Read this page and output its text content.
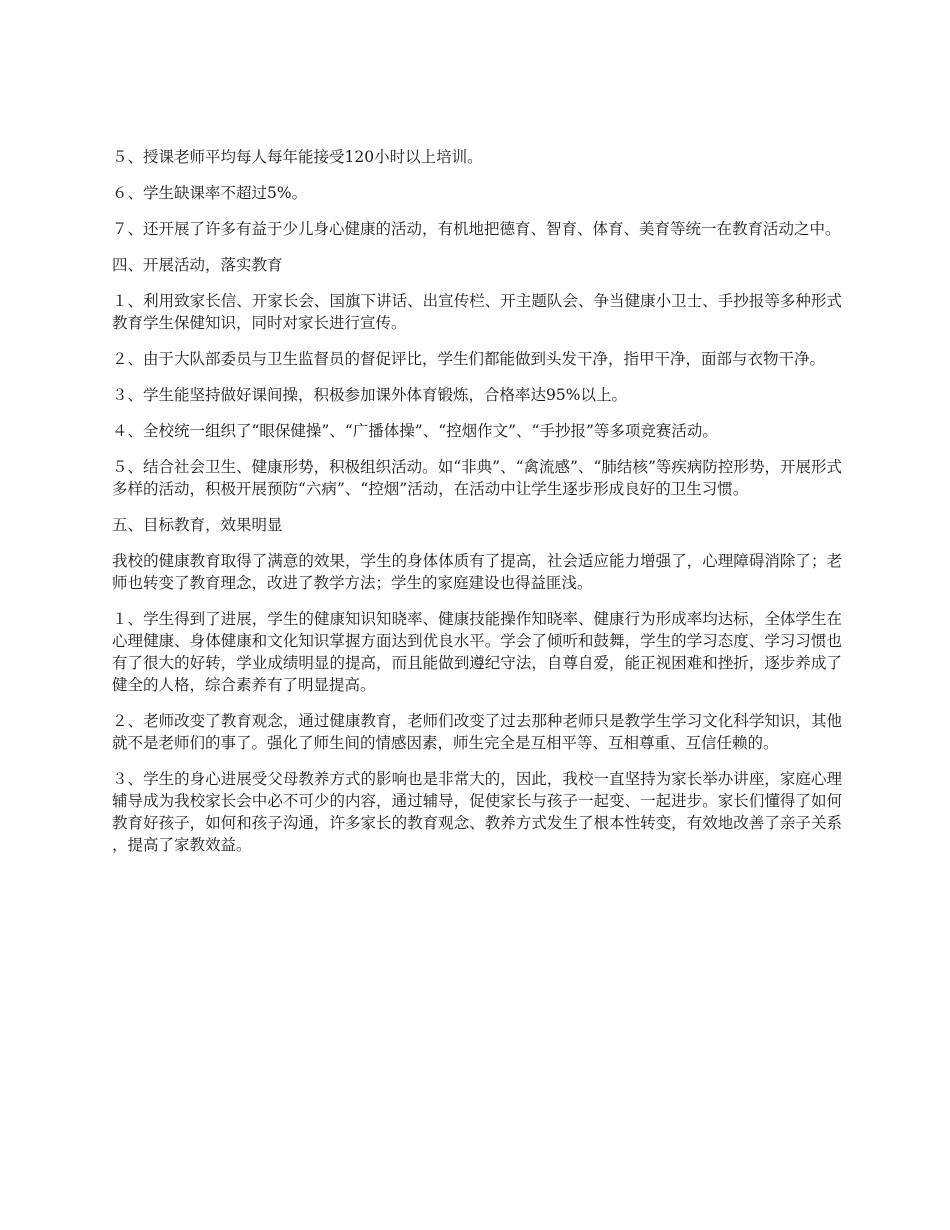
５、授课老师平均每人每年能接受120小时以上培训。

６、学生缺课率不超过5%。

７、还开展了许多有益于少儿身心健康的活动，有机地把德育、智育、体育、美育等统一在教育活动之中。

四、开展活动，落实教育

１、利用致家长信、开家长会、国旗下讲话、出宣传栏、开主题队会、争当健康小卫士、手抄报等多种形式教育学生保健知识，同时对家长进行宣传。

２、由于大队部委员与卫生监督员的督促评比，学生们都能做到头发干净，指甲干净，面部与衣物干净。

３、学生能坚持做好课间操，积极参加课外体育锻炼，合格率达95%以上。

４、全校统一组织了“眼保健操”、“广播体操”、“控烟作文”、“手抄报”等多项竞赛活动。

５、结合社会卫生、健康形势，积极组织活动。如“非典”、“禽流感”、“肺结核”等疾病防控形势，开展形式多样的活动，积极开展预防“六病”、“控烟”活动，在活动中让学生逐步形成良好的卫生习惯。

五、目标教育，效果明显

我校的健康教育取得了满意的效果，学生的身体体质有了提高，社会适应能力增强了，心理障碍消除了；老师也转变了教育理念，改进了教学方法；学生的家庭建设也得益匪浅。

１、学生得到了进展，学生的健康知识知晓率、健康技能操作知晓率、健康行为形成率均达标，全体学生在心理健康、身体健康和文化知识掌握方面达到优良水平。学会了倾听和鼓舞，学生的学习态度、学习习惯也有了很大的好转，学业成绩明显的提高，而且能做到遵纪守法，自尊自爱，能正视困难和挫折，逐步养成了健全的人格，综合素养有了明显提高。

２、老师改变了教育观念，通过健康教育，老师们改变了过去那种老师只是教学生学习文化科学知识，其他就不是老师们的事了。强化了师生间的情感因素，师生完全是互相平等、互相尊重、互信任赖的。

３、学生的身心进展受父母教养方式的影响也是非常大的，因此，我校一直坚持为家长举办讲座，家庭心理辅导成为我校家长会中必不可少的内容，通过辅导，促使家长与孩子一起变、一起进步。家长们懂得了如何教育好孩子，如何和孩子沟通，许多家长的教育观念、教养方式发生了根本性转变，有效地改善了亲子关系，提高了家教效益。
